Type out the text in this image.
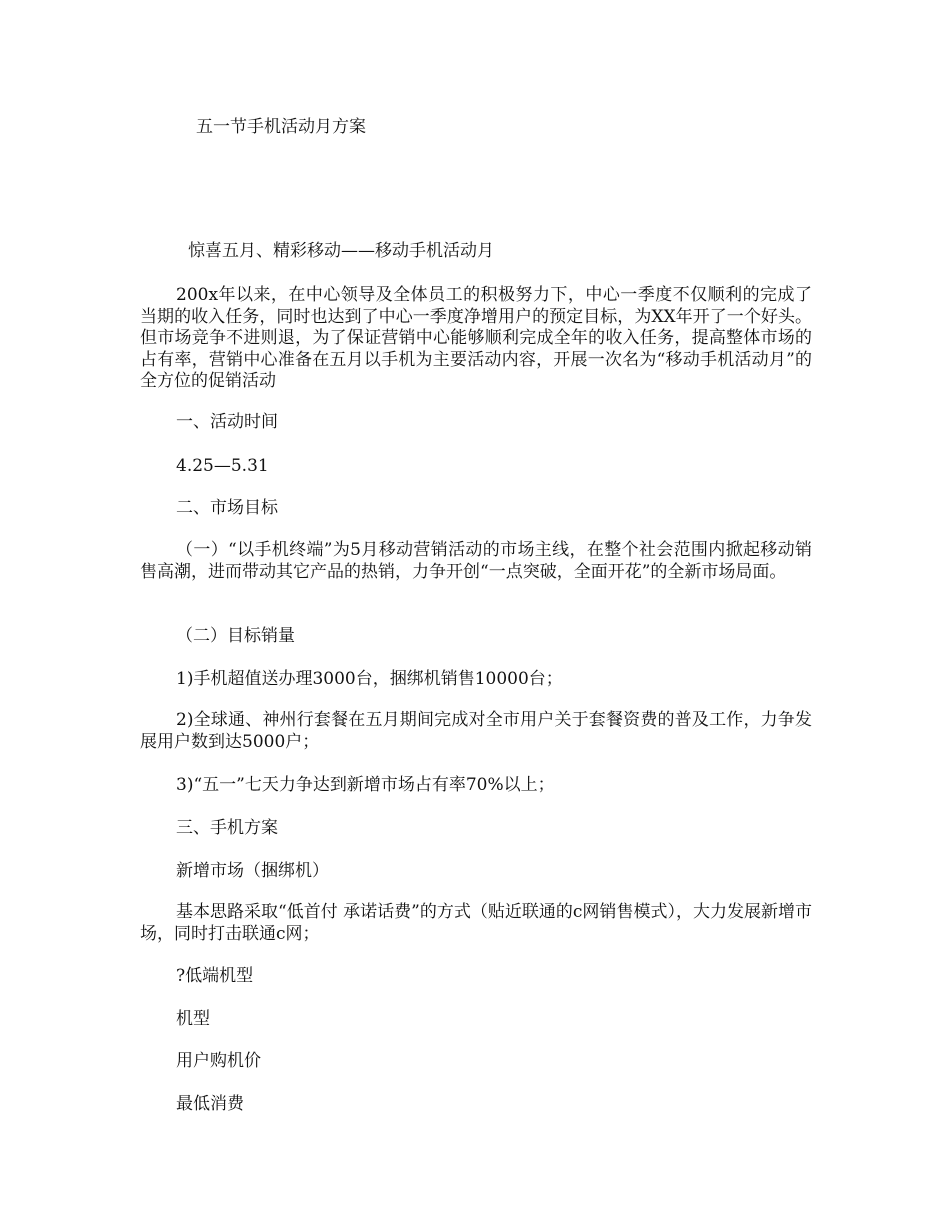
五一节手机活动月方案
惊喜五月、精彩移动——移动手机活动月
200x年以来，在中心领导及全体员工的积极努力下，中心一季度不仅顺利的完成了当期的收入任务，同时也达到了中心一季度净增用户的预定目标，为XX年开了一个好头。但市场竞争不进则退，为了保证营销中心能够顺利完成全年的收入任务，提高整体市场的占有率，营销中心准备在五月以手机为主要活动内容，开展一次名为“移动手机活动月”的全方位的促销活动
一、活动时间
4.25—5.31
二、市场目标
（一）“以手机终端”为5月移动营销活动的市场主线，在整个社会范围内掀起移动销售高潮，进而带动其它产品的热销，力争开创“一点突破，全面开花”的全新市场局面。
（二）目标销量
1)手机超值送办理3000台，捆绑机销售10000台；
2)全球通、神州行套餐在五月期间完成对全市用户关于套餐资费的普及工作，力争发展用户数到达5000户；
3)“五一”七天力争达到新增市场占有率70%以上；
三、手机方案
新增市场（捆绑机）
基本思路采取“低首付 承诺话费”的方式（贴近联通的c网销售模式），大力发展新增市场，同时打击联通c网；
?低端机型
机型
用户购机价
最低消费
